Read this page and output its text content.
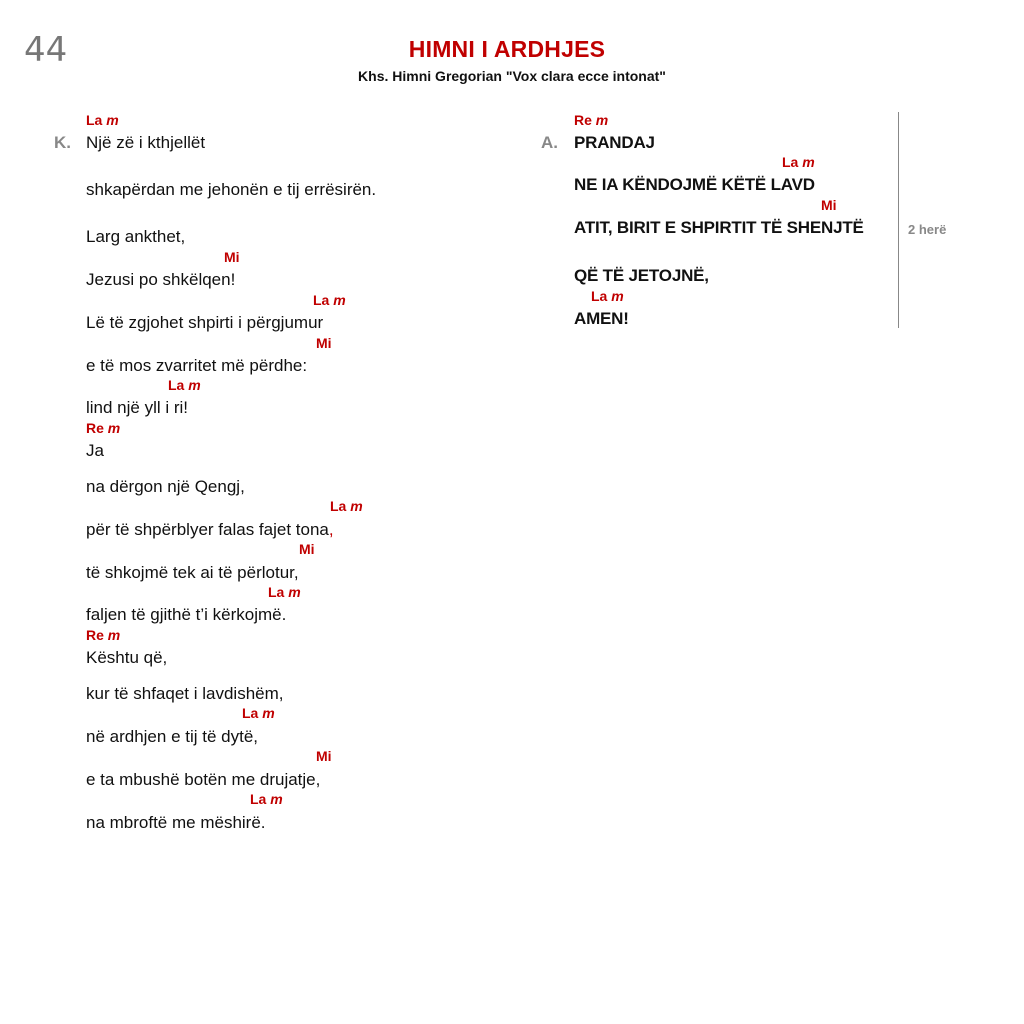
44	HIMNI I ARDHJES
Khs. Himni Gregorian "Vox clara ecce intonat"
K.
La m
Një zë i kthjellët
shkapërdan me jehonën e tij errësirën.
Larg ankthet,
Mi
Jezusi po shkëlqen!
La m
Lë të zgjohet shpirti i përgjumur
Mi
e të mos zvarritet më përdhe:
La m
lind një yll i ri!
Re m
Ja
na dërgon një Qengj,
La m
për të shpërblyer falas fajet tona,
Mi
të shkojmë tek ai të përlotur,
La m
faljen të gjithë t’i kërkojmë.
Re m
Kështu që,
kur të shfaqet i lavdishëm,
La m
në ardhjen e tij të dytë,
Mi
e ta mbushë botën me drujatje,
La m
na mbroftë me mëshirë.
A.
Re m
PRANDAJ
La m
NE IA KËNDOJMË KËTË LAVD
Mi
ATIT, BIRIT E SHPIRTIT TË SHENJTË
QË TË JETOJNË,
La m
AMEN!
2 herë
